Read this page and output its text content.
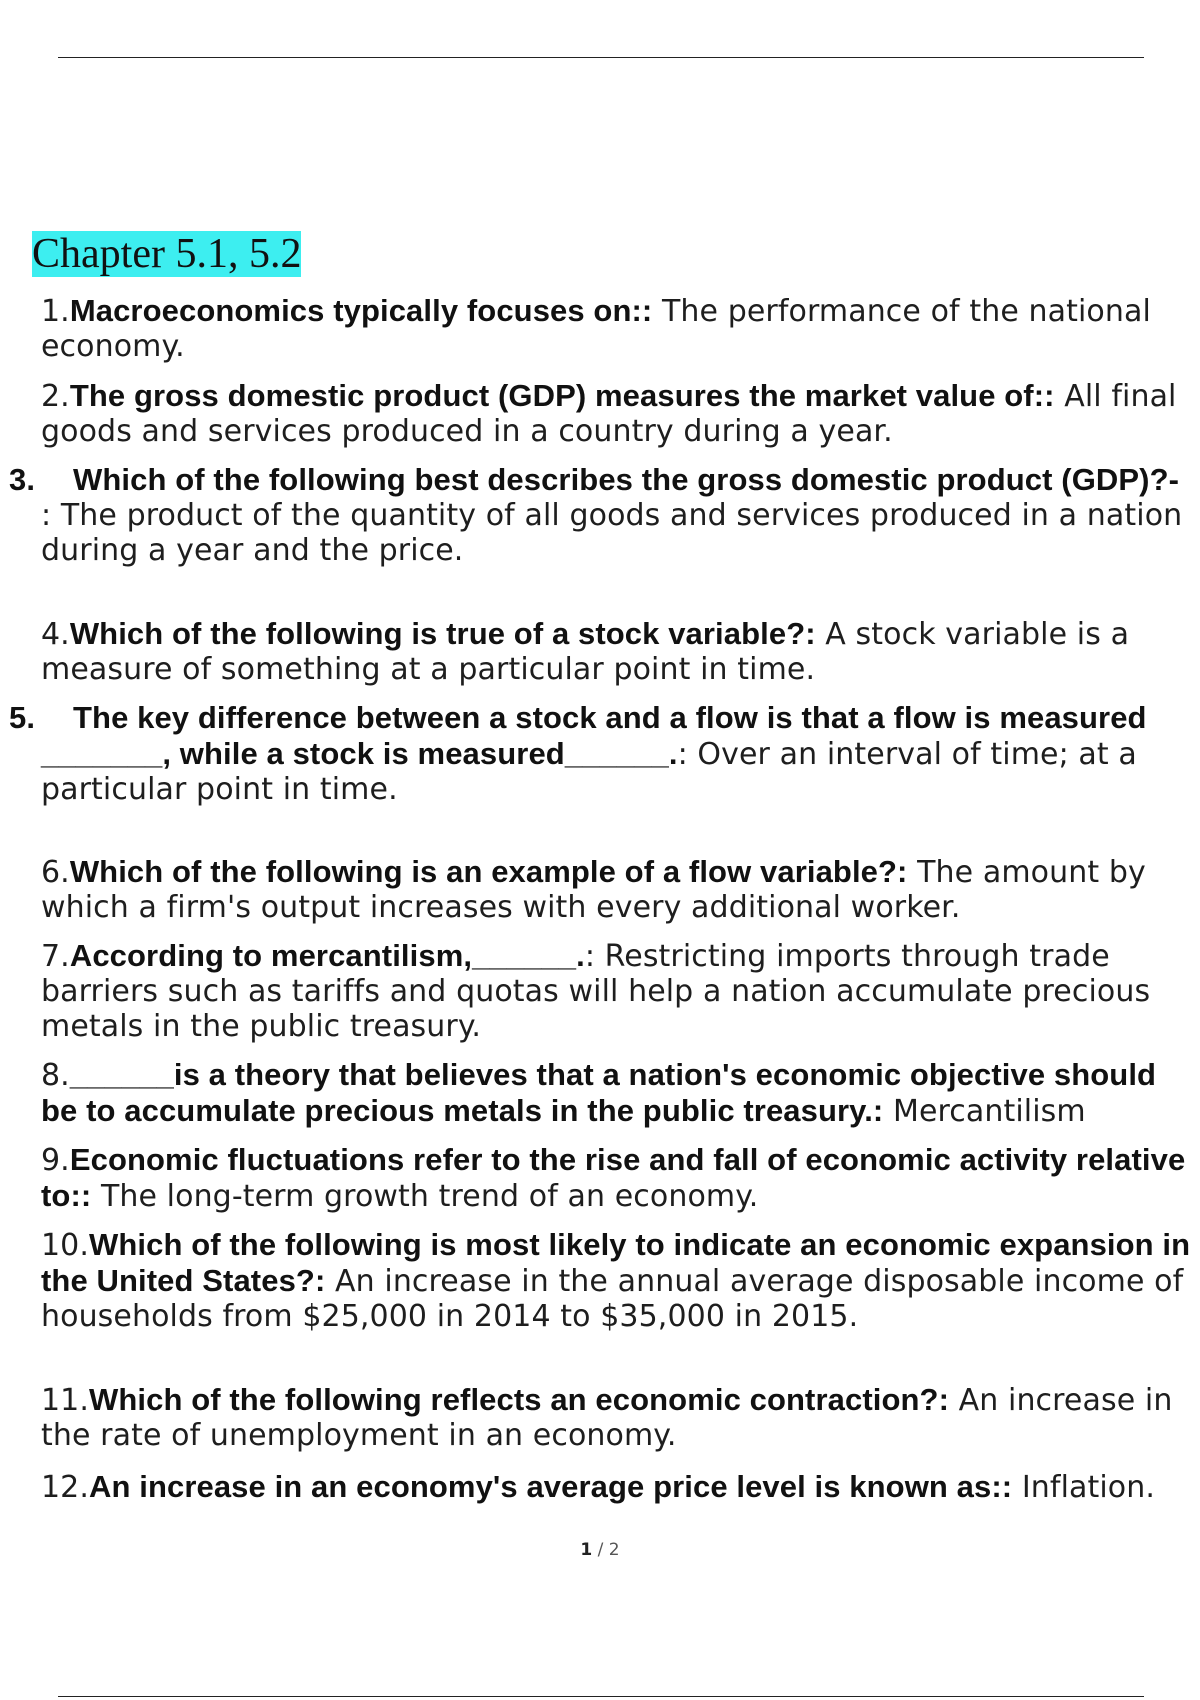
Chapter 5.1, 5.2
1.Macroeconomics typically focuses on:: The performance of the national economy.
2.The gross domestic product (GDP) measures the market value of:: All final goods and services produced in a country during a year.
3. Which of the following best describes the gross domestic product (GDP)?-
: The product of the quantity of all goods and services produced in a nation during a year and the price.
4.Which of the following is true of a stock variable?: A stock variable is a measure of something at a particular point in time.
5. The key difference between a stock and a flow is that a flow is measured
_______, while a stock is measured______.: Over an interval of time; at a particular point in time.
6.Which of the following is an example of a flow variable?: The amount by which a firm's output increases with every additional worker.
7.According to mercantilism,______.: Restricting imports through trade barriers such as tariffs and quotas will help a nation accumulate precious metals in the public treasury.
8.______is a theory that believes that a nation's economic objective should be to accumulate precious metals in the public treasury.: Mercantilism
9.Economic fluctuations refer to the rise and fall of economic activity relative to:: The long-term growth trend of an economy.
10.Which of the following is most likely to indicate an economic expansion in the United States?: An increase in the annual average disposable income of households from $25,000 in 2014 to $35,000 in 2015.
11.Which of the following reflects an economic contraction?: An increase in the rate of unemployment in an economy.
12.An increase in an economy's average price level is known as:: Inflation.
1 / 2
